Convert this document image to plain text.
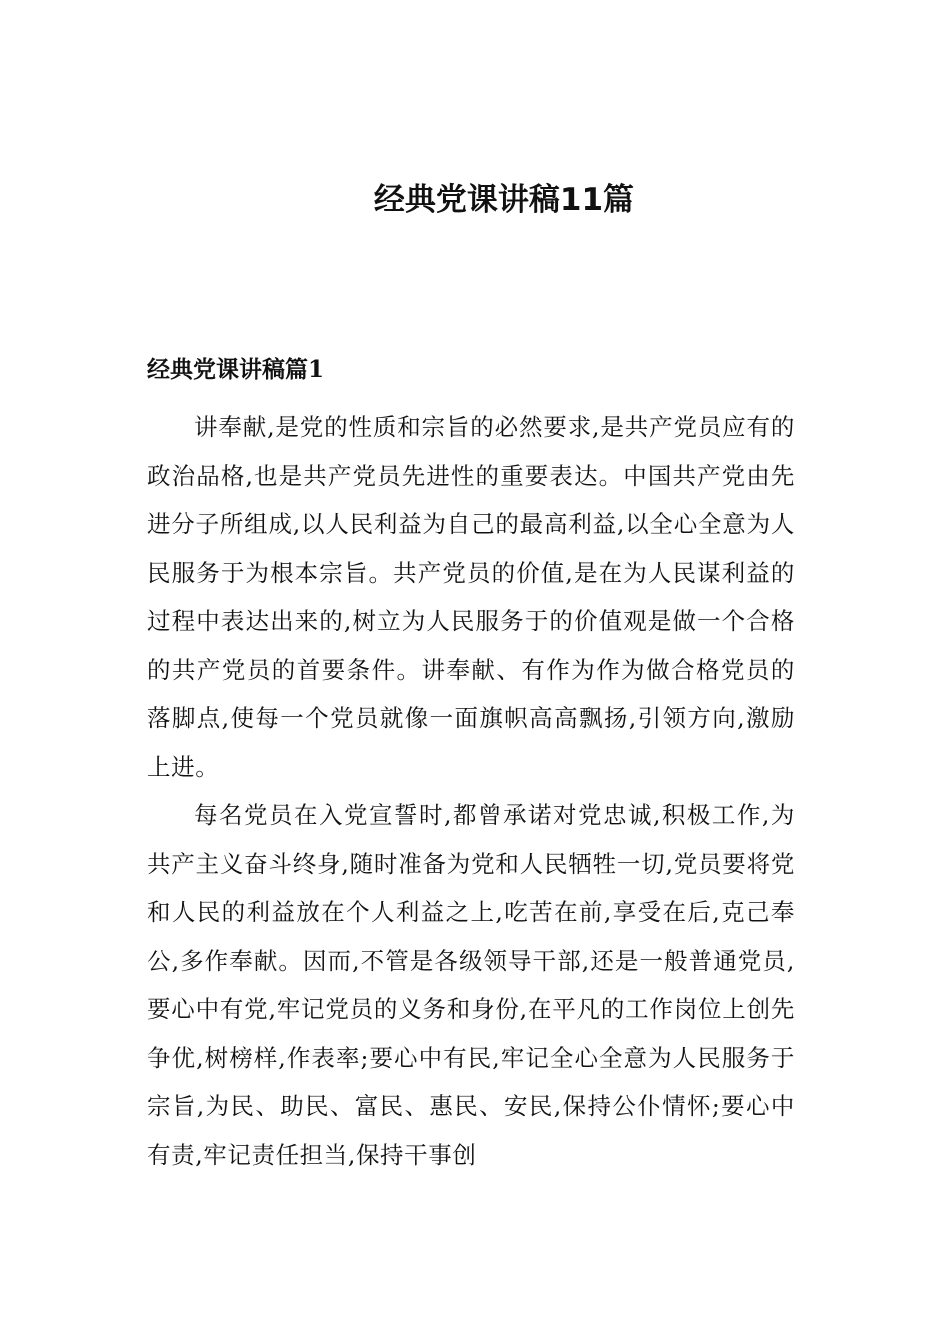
经典党课讲稿11篇
经典党课讲稿篇1

讲奉献,是党的性质和宗旨的必然要求,是共产党员应有的政治品格,也是共产党员先进性的重要表达。中国共产党由先进分子所组成,以人民利益为自己的最高利益,以全心全意为人民服务于为根本宗旨。共产党员的价值,是在为人民谋利益的过程中表达出来的,树立为人民服务于的价值观是做一个合格的共产党员的首要条件。讲奉献、有作为作为做合格党员的落脚点,使每一个党员就像一面旗帜高高飘扬,引领方向,激励上进。

每名党员在入党宣誓时,都曾承诺对党忠诚,积极工作,为共产主义奋斗终身,随时准备为党和人民牺牲一切,党员要将党和人民的利益放在个人利益之上,吃苦在前,享受在后,克己奉公,多作奉献。因而,不管是各级领导干部,还是一般普通党员,要心中有党,牢记党员的义务和身份,在平凡的工作岗位上创先争优,树榜样,作表率;要心中有民,牢记全心全意为人民服务于宗旨,为民、助民、富民、惠民、安民,保持公仆情怀;要心中有责,牢记责任担当,保持干事创
